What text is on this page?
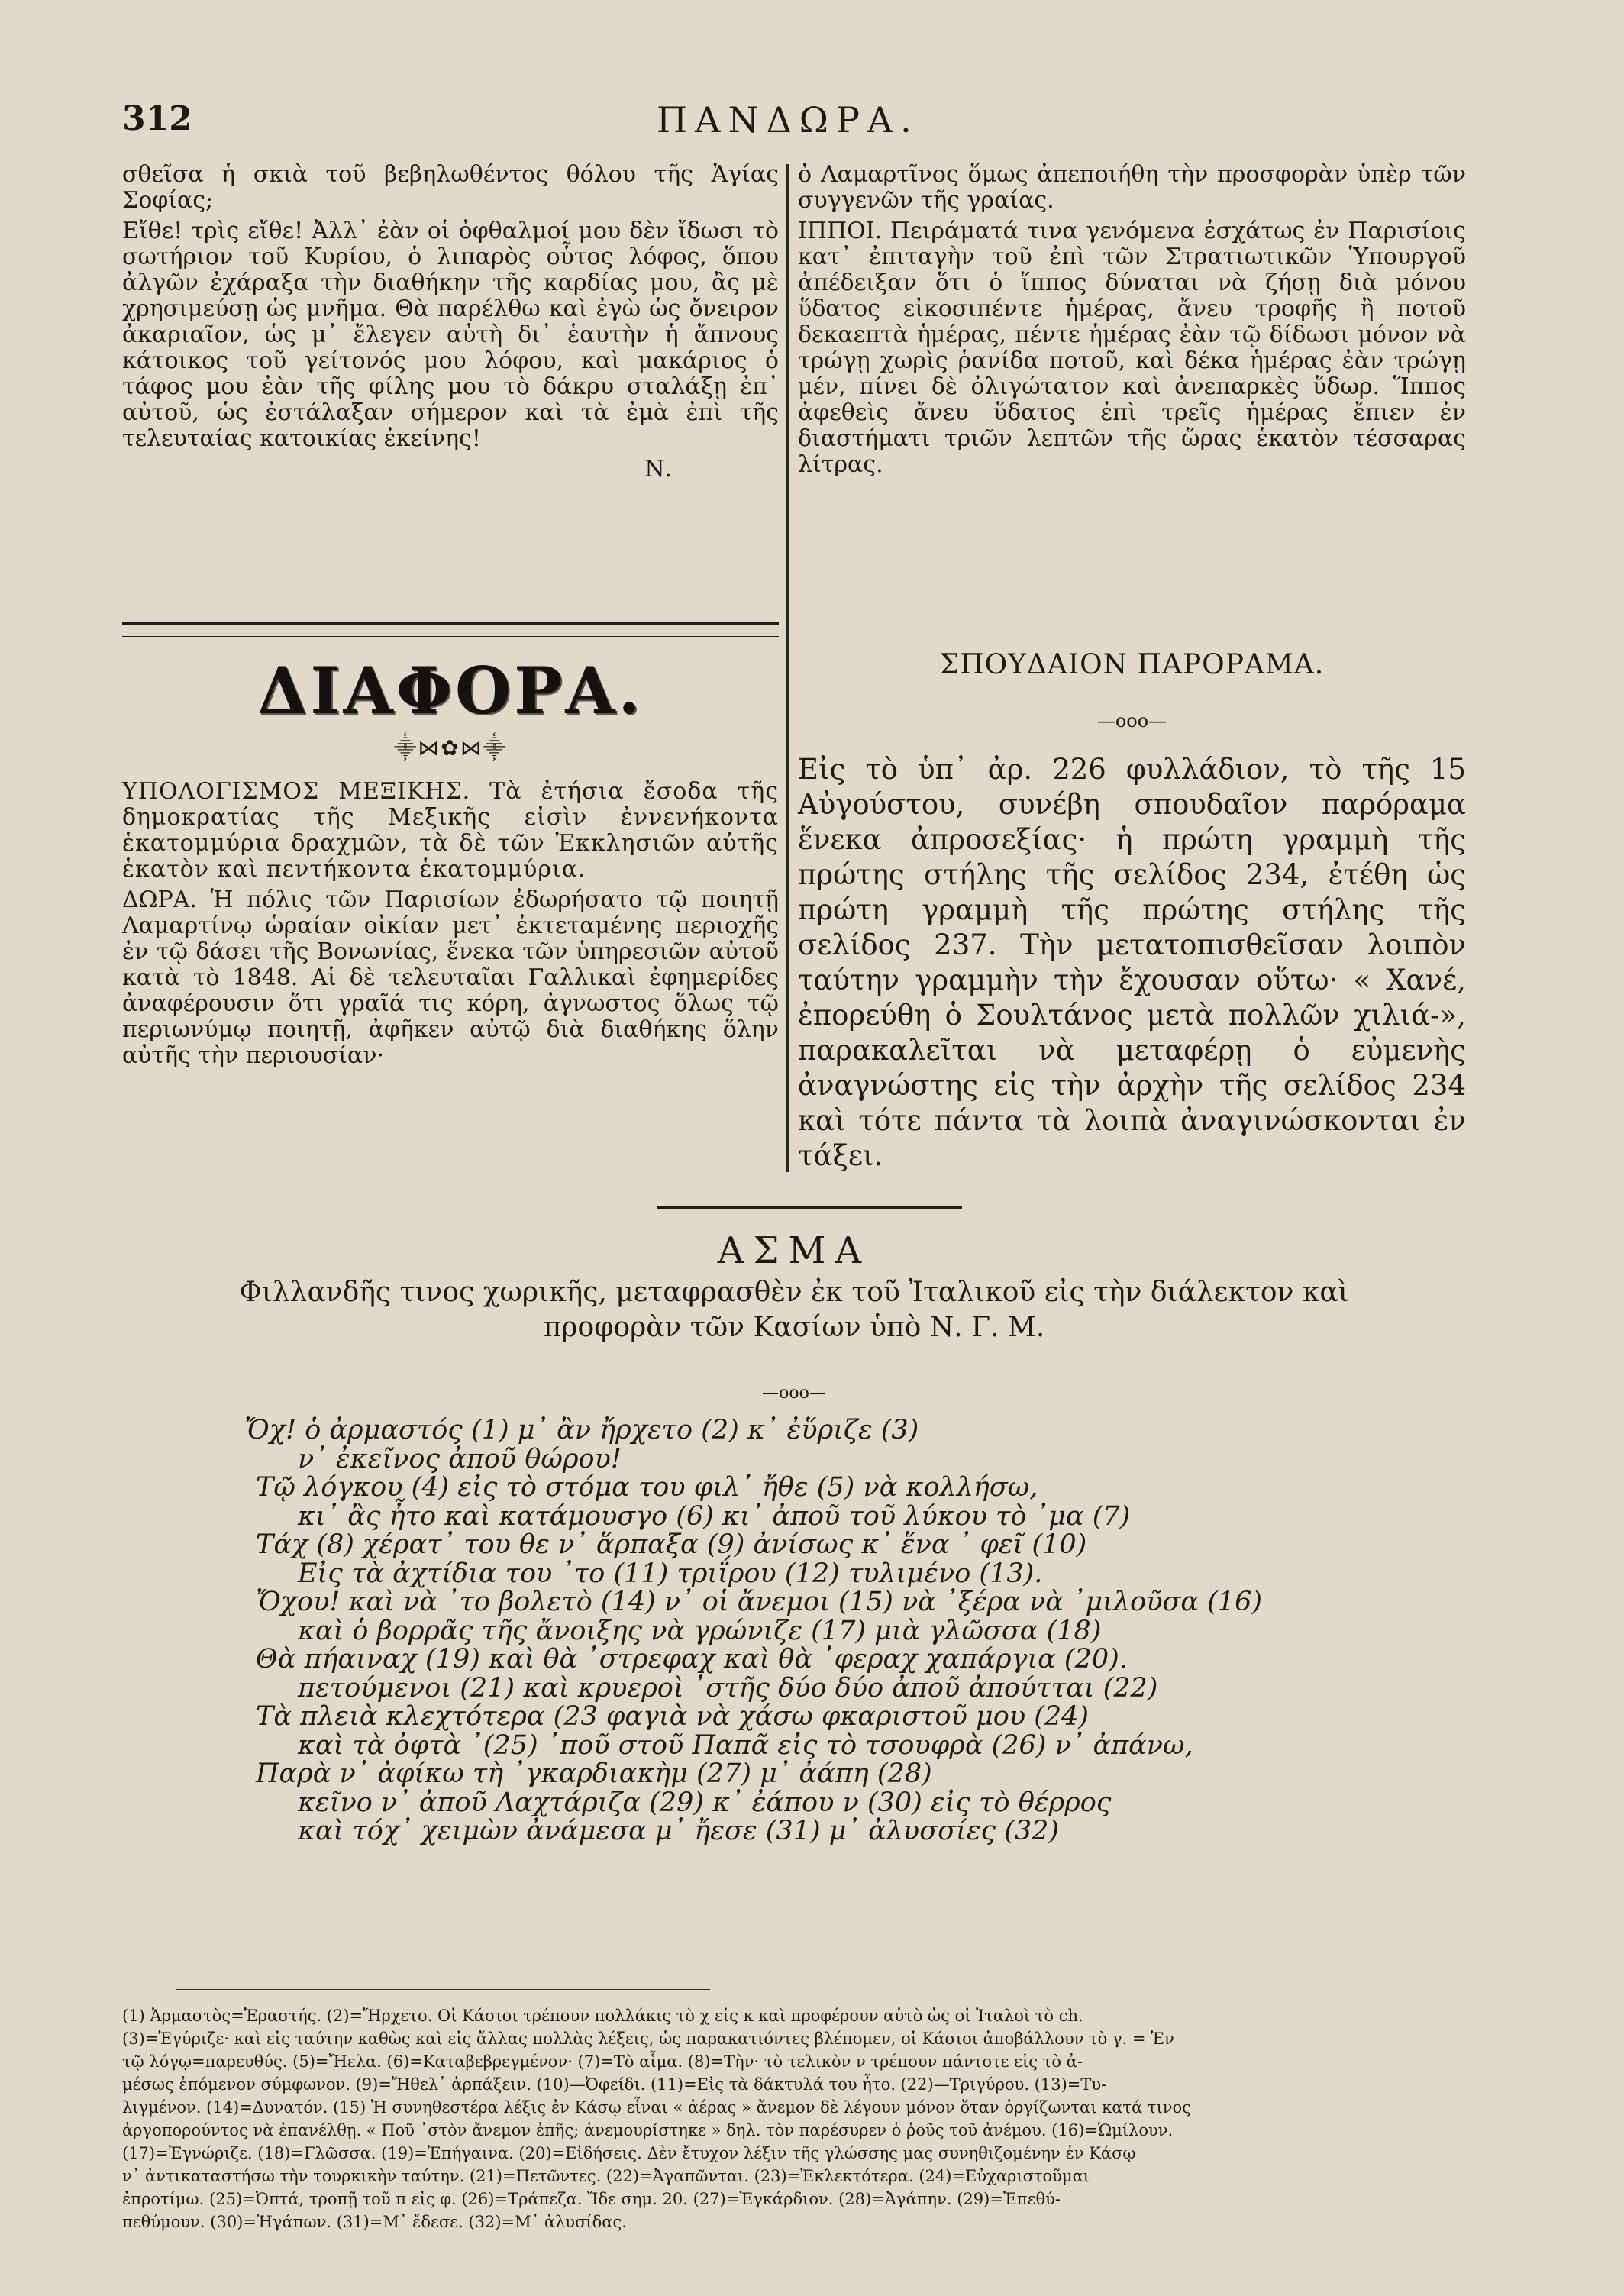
312	ΠΑΝΔΩΡΑ.

σθεῖσα ἡ σκιὰ τοῦ βεβηλωθέντος θόλου τῆς Ἁγίας Σοφίας;

Εἴθε! τρὶς εἴθε! Ἀλλ᾽ ἐὰν οἱ ὀφθαλμοί μου δὲν ἴδωσι τὸ σωτήριον τοῦ Κυρίου, ὁ λιπαρὸς οὗτος λόφος, ὅπου ἀλγῶν ἐχάραξα τὴν διαθήκην τῆς καρδίας μου, ἂς μὲ χρησιμεύσῃ ὡς μνῆμα. Θὰ παρέλθω καὶ ἐγὼ ὡς ὄνειρον ἀκαριαῖον, ὡς μ᾽ ἔλεγεν αὐτὴ δι᾽ ἑαυτὴν ἡ ἄπνους κάτοικος τοῦ γείτονός μου λόφου, καὶ μακάριος ὁ τάφος μου ἐὰν τῆς φίλης μου τὸ δάκρυ σταλάξῃ ἐπ᾽ αὐτοῦ, ὡς ἐστάλαξαν σήμερον καὶ τὰ ἐμὰ ἐπὶ τῆς τελευταίας κατοικίας ἐκείνης!

Ν.

ὁ Λαμαρτῖνος ὅμως ἀπεποιήθη τὴν προσφορὰν ὑπὲρ τῶν συγγενῶν τῆς γραίας.

ΙΠΠΟΙ. Πειράματά τινα γενόμενα ἐσχάτως ἐν Παρισίοις κατ᾽ ἐπιταγὴν τοῦ ἐπὶ τῶν Στρατιωτικῶν Ὑπουργοῦ ἀπέδειξαν ὅτι ὁ ἵππος δύναται νὰ ζήσῃ διὰ μόνου ὕδατος εἰκοσιπέντε ἡμέρας, ἄνευ τροφῆς ἢ ποτοῦ δεκαεπτὰ ἡμέρας, πέντε ἡμέρας ἐὰν τῷ δίδωσι μόνον νὰ τρώγῃ χωρὶς ῥανίδα ποτοῦ, καὶ δέκα ἡμέρας ἐὰν τρώγῃ μέν, πίνει δὲ ὀλιγώτατον καὶ ἀνεπαρκὲς ὕδωρ. Ἵππος ἀφεθεὶς ἄνευ ὕδατος ἐπὶ τρεῖς ἡμέρας ἔπιεν ἐν διαστήματι τριῶν λεπτῶν τῆς ὥρας ἑκατὸν τέσσαρας λίτρας.

ΔΙΑΦΟΡΑ.
⸎⋈✿⋈⸎

ΥΠΟΛΟΓΙΣΜΟΣ ΜΕΞΙΚΗΣ. Τὰ ἐτήσια ἔσοδα τῆς δημοκρατίας τῆς Μεξικῆς εἰσὶν ἐννενήκοντα ἑκατομμύρια δραχμῶν, τὰ δὲ τῶν Ἐκκλησιῶν αὐτῆς ἑκατὸν καὶ πεντήκοντα ἑκατομμύρια.

ΔΩΡΑ. Ἡ πόλις τῶν Παρισίων ἐδωρήσατο τῷ ποιητῇ Λαμαρτίνῳ ὡραίαν οἰκίαν μετ᾽ ἐκτεταμένης περιοχῆς ἐν τῷ δάσει τῆς Βονωνίας, ἕνεκα τῶν ὑπηρεσιῶν αὐτοῦ κατὰ τὸ 1848. Αἱ δὲ τελευταῖαι Γαλλικαὶ ἐφημερίδες ἀναφέρουσιν ὅτι γραῖά τις κόρη, ἀγνωστος ὅλως τῷ περιωνύμῳ ποιητῇ, ἀφῆκεν αὐτῷ διὰ διαθήκης ὅλην αὐτῆς τὴν περιουσίαν·

ΣΠΟΥΔΑΙΟΝ ΠΑΡΟΡΑΜΑ.
—ooo—
Εἰς τὸ ὑπ᾽ ἀρ. 226 φυλλάδιον, τὸ τῆς 15 Αὐγούστου, συνέβη σπουδαῖον παρόραμα ἕνεκα ἀπροσεξίας· ἡ πρώτη γραμμὴ τῆς πρώτης στήλης τῆς σελίδος 234, ἐτέθη ὡς πρώτη γραμμὴ τῆς πρώτης στήλης τῆς σελίδος 237. Τὴν μετατοπισθεῖσαν λοιπὸν ταύτην γραμμὴν τὴν ἔχουσαν οὕτω· « Χανέ, ἐπορεύθη ὁ Σουλτάνος μετὰ πολλῶν χιλιά-», παρακαλεῖται νὰ μεταφέρῃ ὁ εὐμενὴς ἀναγνώστης εἰς τὴν ἀρχὴν τῆς σελίδος 234 καὶ τότε πάντα τὰ λοιπὰ ἀναγινώσκονται ἐν τάξει.
ΑΣΜΑ
Φιλλανδῆς τινος χωρικῆς, μεταφρασθὲν ἐκ τοῦ Ἰταλικοῦ εἰς τὴν διάλεκτον καὶ προφορὰν τῶν Κασίων ὑπὸ Ν. Γ. Μ.
—ooo—
Ὄχ! ὁ ἀρμαστός (1) μ᾽ ἂν ἤρχετο (2) κ᾽ ἐὕριζε (3)
ν᾽ ἐκεῖνος ἀποῦ θώρου!
Τῷ λόγκου (4) εἰς τὸ στόμα του φιλ᾽ ἤθε (5) νὰ κολλήσω,
κι᾽ ἂς ἦτο καὶ κατάμουσγο (6) κι᾽ ἀποῦ τοῦ λύκου τὸ ᾽μα (7)
Τάχ (8) χέρατ᾽ του θε ν᾽ ἅρπαξα (9) ἀνίσως κ᾽ ἕνα ᾽ φεῖ (10)
Εἰς τὰ ἀχτίδια του ᾽το (11) τριΐρου (12) τυλιμένο (13).
Ὄχου! καὶ νὰ ᾽το βολετὸ (14) ν᾽ οἱ ἄνεμοι (15) νὰ ᾽ξέρα νὰ ᾽μιλοῦσα (16)
καὶ ὁ βορρᾶς τῆς ἄνοιξης νὰ γρώνιζε (17) μιὰ γλῶσσα (18)
Θὰ πήαιναχ (19) καὶ θὰ ᾽στρεφαχ καὶ θὰ ᾽φεραχ χαπάργια (20).
πετούμενοι (21) καὶ κρυεροὶ ᾽στῆς δύο δύο ἀποῦ ἀπούτται (22)
Τὰ πλειὰ κλεχτότερα (23 φαγιὰ νὰ χάσω φκαριστοῦ μου (24)
καὶ τὰ ὀφτὰ ᾽(25) ᾽ποῦ στοῦ Παπᾶ εἰς τὸ τσουφρὰ (26) ν᾽ ἀπάνω,
Παρὰ ν᾽ ἀφίκω τὴ ᾽γκαρδιακὴμ (27) μ᾽ ἀάπη (28)
κεῖνο ν᾽ ἀποῦ Λαχτάριζα (29) κ᾽ ἐάπου ν (30) εἰς τὸ θέρρος
καὶ τόχ᾽ χειμὼν ἀνάμεσα μ᾽ ἤεσε (31) μ᾽ ἀλυσσίες (32)
(1) Ἀρμαστὸς=Ἐραστής. (2)=Ἤρχετο. Οἱ Κάσιοι τρέπουν πολλάκις τὸ χ εἰς κ καὶ προφέρουν αὐτὸ ὡς οἱ Ἰταλοὶ τὸ ch.
(3)=Ἐγύριζε· καὶ εἰς ταύτην καθὼς καὶ εἰς ἄλλας πολλὰς λέξεις, ὡς παρακατιόντες βλέπομεν, οἱ Κάσιοι ἀποβάλλουν τὸ γ. = Ἐν
τῷ λόγῳ=παρευθύς. (5)=Ἤελα. (6)=Καταβεβρεγμένον· (7)=Τὸ αἷμα. (8)=Τὴν· τὸ τελικὸν ν τρέπουν πάντοτε εἰς τὸ ἀ-
μέσως ἑπόμενον σύμφωνον. (9)=Ἤθελ᾽ ἁρπάξειν. (10)—Ὀφείδι. (11)=Εἰς τὰ δάκτυλά του ἦτο. (22)—Τριγύρου. (13)=Τυ-
λιγμένον. (14)=Δυνατόν. (15) Ἡ συνηθεστέρα λέξις ἐν Κάσῳ εἶναι « ἀέρας » ἄνεμον δὲ λέγουν μόνον ὅταν ὀργίζωνται κατά τινος
ἀργοπορούντος νὰ ἐπανέλθῃ. « Ποῦ ᾽στὸν ἄνεμον ἐπῆς; ἀνεμουρίστηκε » δηλ. τὸν παρέσυρεν ὁ ῥοῦς τοῦ ἀνέμου. (16)=Ὡμίλουν.
(17)=Ἐγνώριζε. (18)=Γλῶσσα. (19)=Ἐπήγαινα. (20)=Εἰδήσεις. Δὲν ἔτυχον λέξιν τῆς γλώσσης μας συνηθιζομένην ἐν Κάσῳ
ν᾽ ἀντικαταστήσω τὴν τουρκικὴν ταύτην. (21)=Πετῶντες. (22)=Ἀγαπῶνται. (23)=Ἐκλεκτότερα. (24)=Εὐχαριστοῦμαι
ἐπροτίμω. (25)=Ὀπτά, τροπῇ τοῦ π εἰς φ. (26)=Τράπεζα. Ἴδε σημ. 20. (27)=Ἐγκάρδιον. (28)=Ἀγάπην. (29)=Ἐπεθύ-
πεθύμουν. (30)=Ἠγάπων. (31)=Μ᾽ ἔδεσε. (32)=Μ᾽ ἁλυσίδας.
